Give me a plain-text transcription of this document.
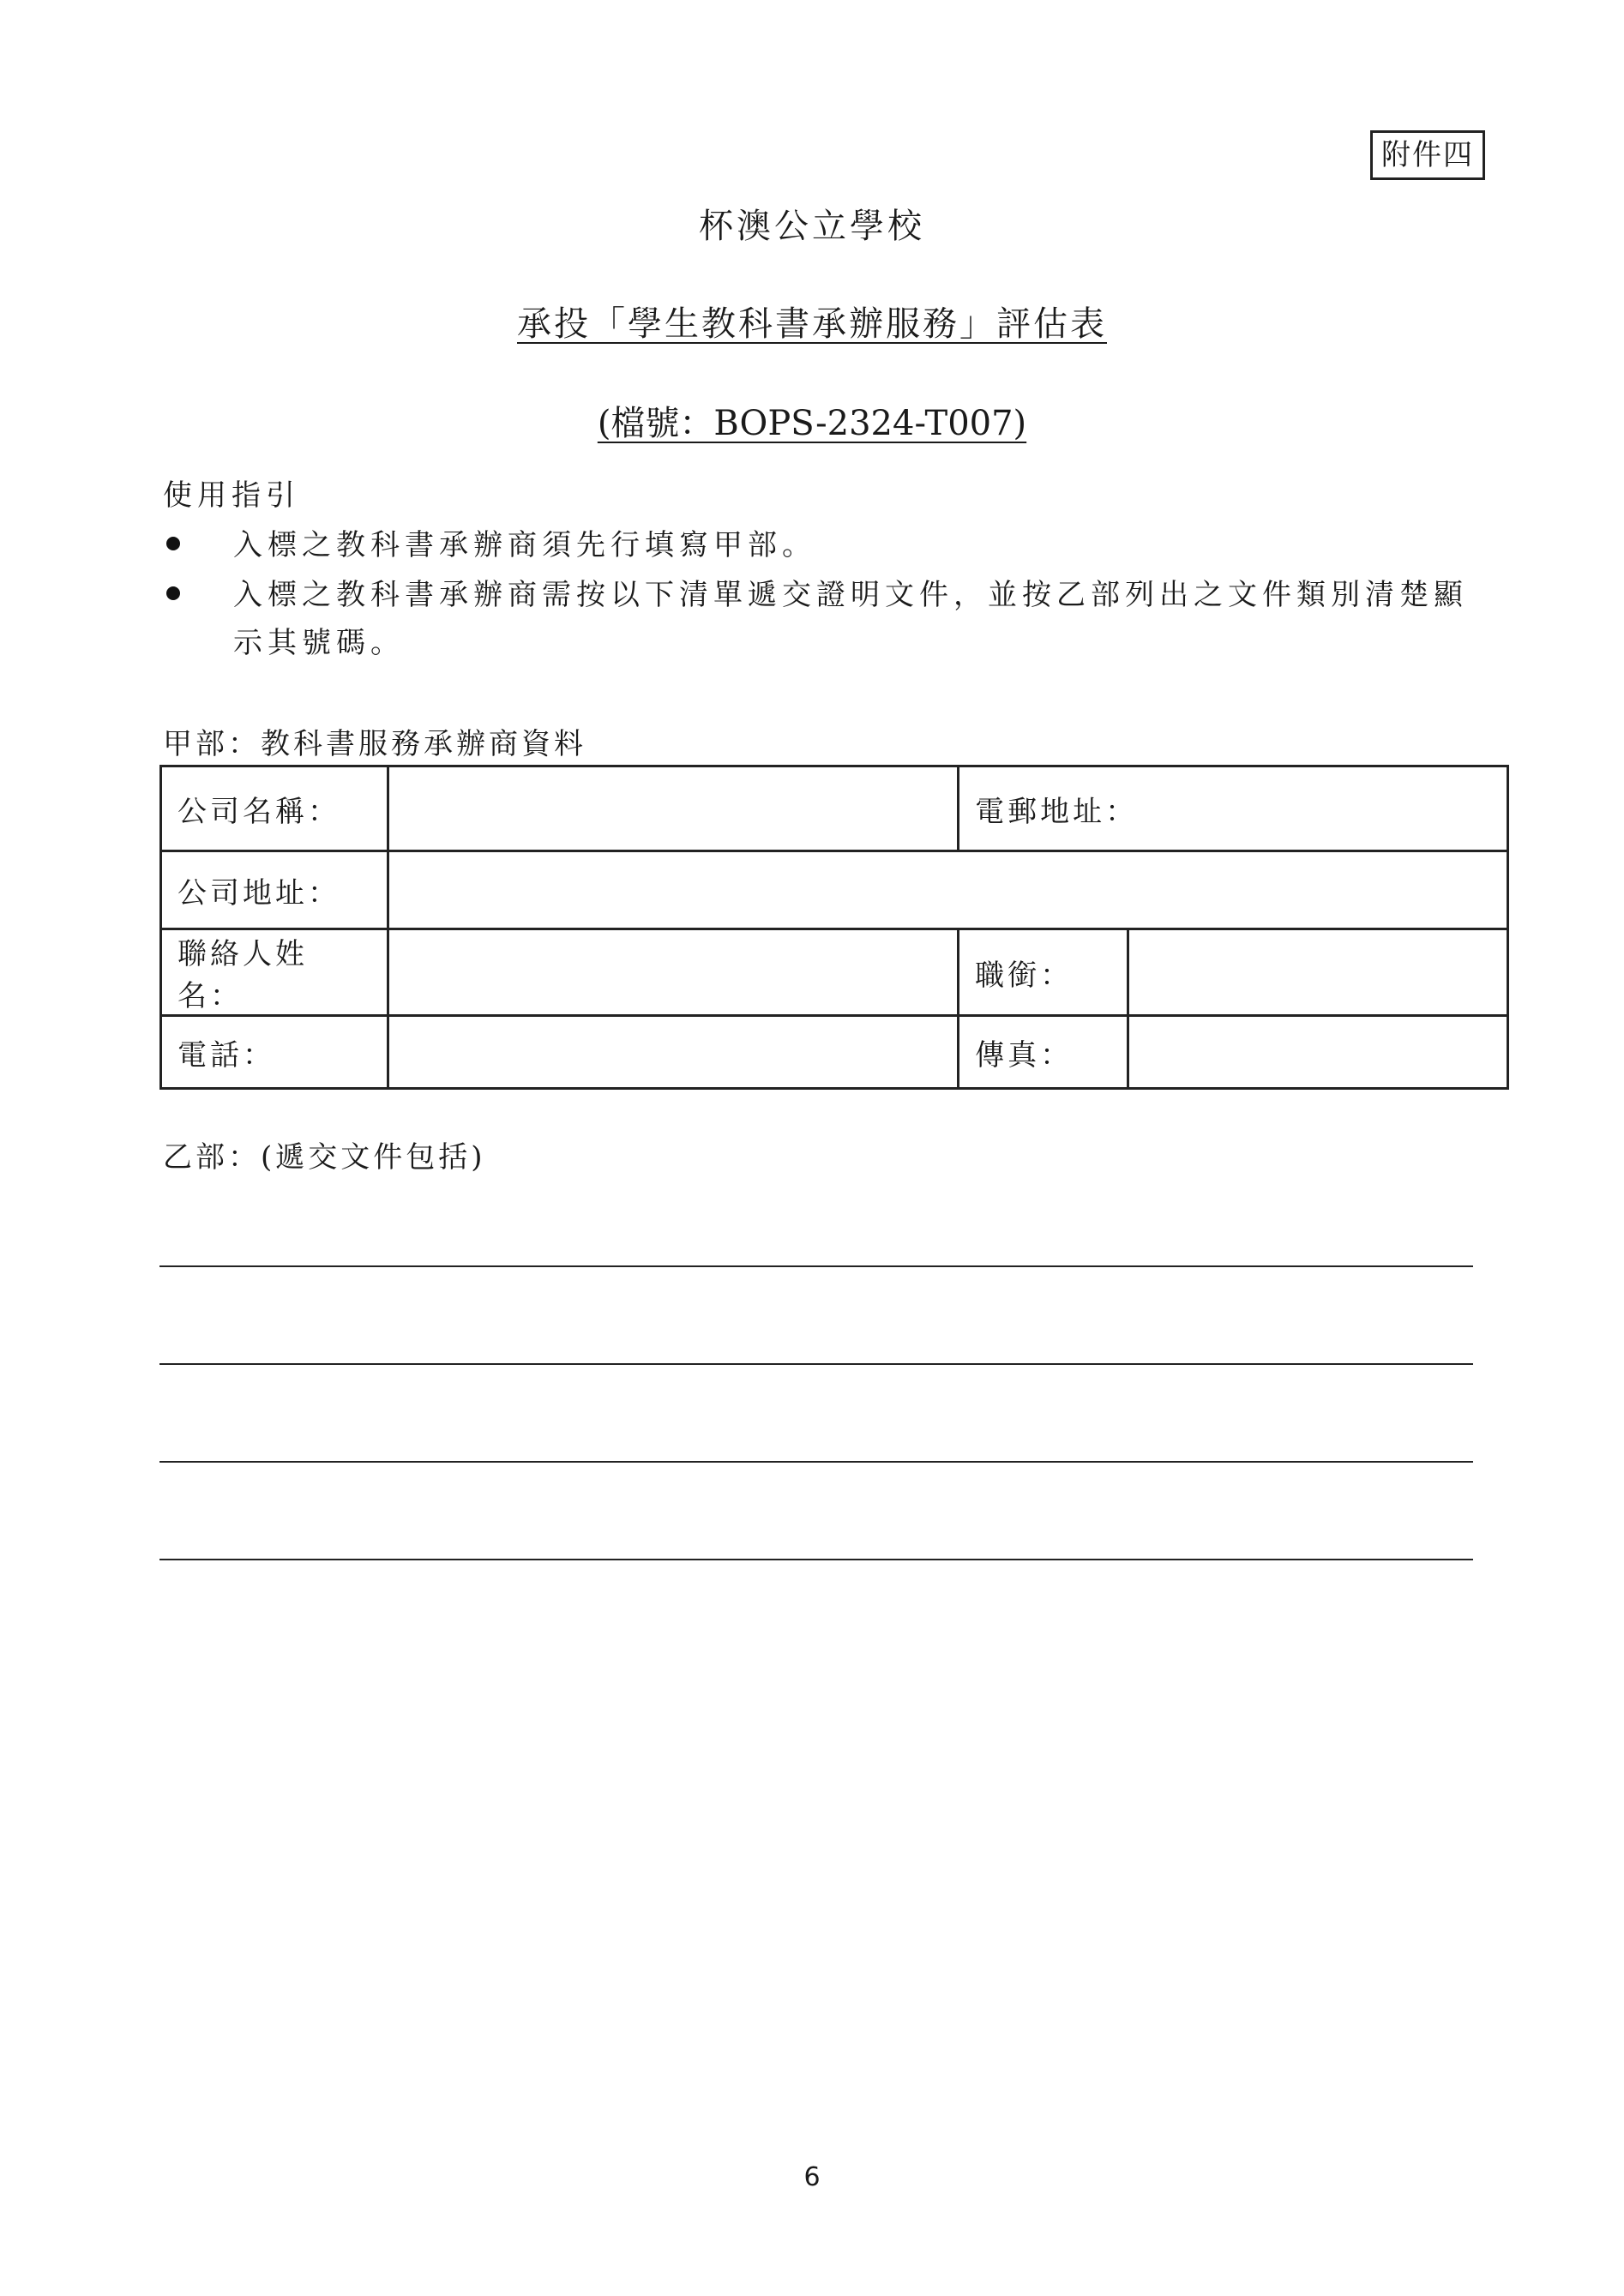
附件四
杯澳公立學校
承投「學生教科書承辦服務」評估表
(檔號：BOPS-2324-T007)
使用指引
入標之教科書承辦商須先行填寫甲部。
入標之教科書承辦商需按以下清單遞交證明文件，並按乙部列出之文件類別清楚顯示其號碼。
甲部：教科書服務承辦商資料
公司名稱：		電郵地址：	
公司地址：			
聯絡人姓名：		職銜：	
電話：		傳真：	
乙部：(遞交文件包括)
6
